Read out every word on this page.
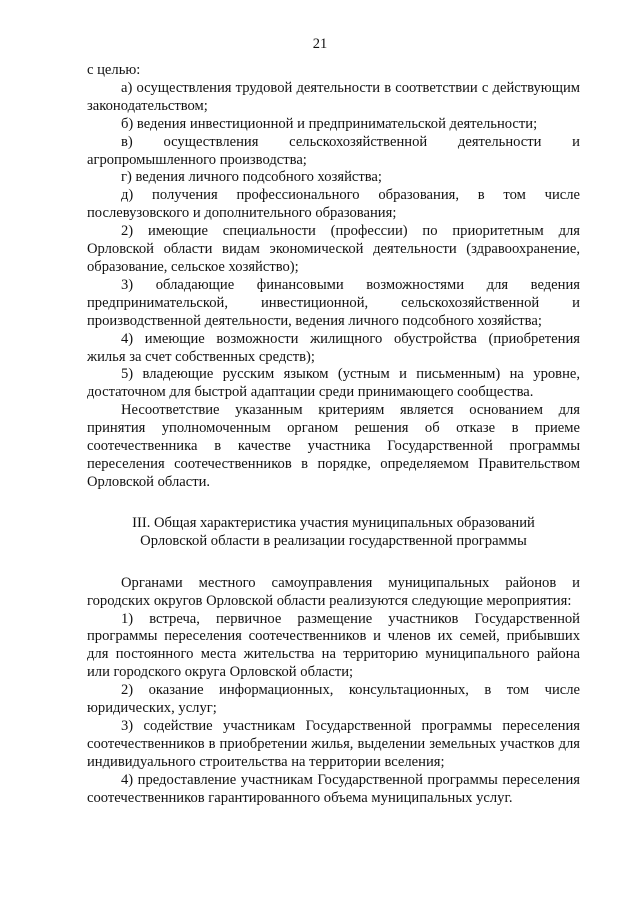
21

с целью:

а) осуществления трудовой деятельности в соответствии с действующим законодательством;

б) ведения инвестиционной и предпринимательской деятельности;

в) осуществления сельскохозяйственной деятельности и агропромышленного производства;

г) ведения личного подсобного хозяйства;

д) получения профессионального образования, в том числе послевузовского и дополнительного образования;

2) имеющие специальности (профессии) по приоритетным для Орловской области видам экономической деятельности (здравоохранение, образование, сельское хозяйство);

3) обладающие финансовыми возможностями для ведения предпринимательской, инвестиционной, сельскохозяйственной и производственной деятельности, ведения личного подсобного хозяйства;

4) имеющие возможности жилищного обустройства (приобретения жилья за счет собственных средств);

5) владеющие русским языком (устным и письменным) на уровне, достаточном для быстрой адаптации среди принимающего сообщества.

Несоответствие указанным критериям является основанием для принятия уполномоченным органом решения об отказе в приеме соотечественника в качестве участника Государственной программы переселения соотечественников в порядке, определяемом Правительством Орловской области.

III. Общая характеристика участия муниципальных образований
Орловской области в реализации государственной программы

Органами местного самоуправления муниципальных районов и городских округов Орловской области реализуются следующие мероприятия:

1) встреча, первичное размещение участников Государственной программы переселения соотечественников и членов их семей, прибывших для постоянного места жительства на территорию муниципального района или городского округа Орловской области;

2) оказание информационных, консультационных, в том числе юридических, услуг;

3) содействие участникам Государственной программы переселения соотечественников в приобретении жилья, выделении земельных участков для индивидуального строительства на территории вселения;

4) предоставление участникам Государственной программы переселения соотечественников гарантированного объема муниципальных услуг.
